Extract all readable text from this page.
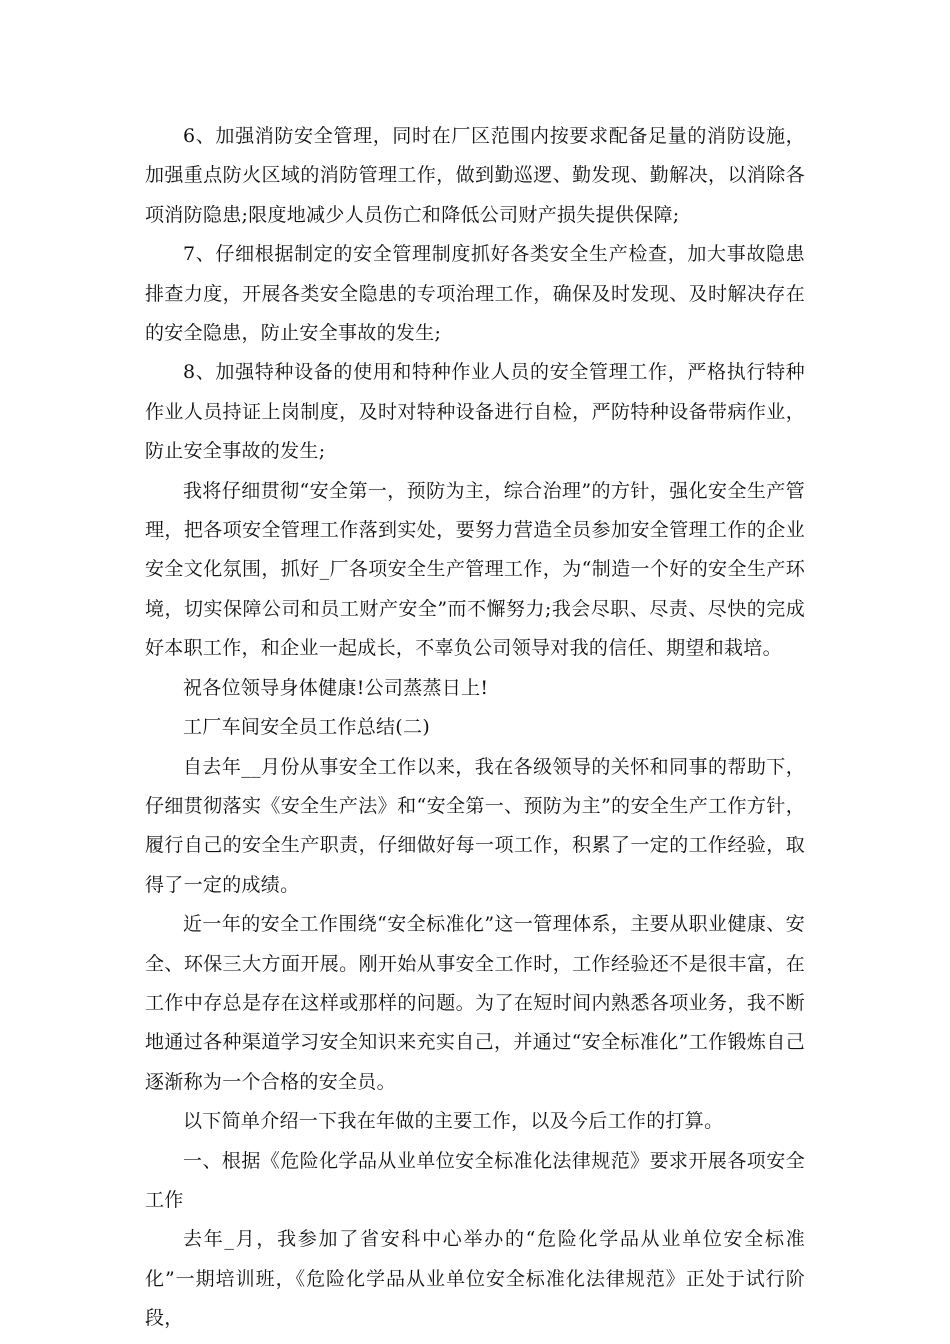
6、加强消防安全管理，同时在厂区范围内按要求配备足量的消防设施，加强重点防火区域的消防管理工作，做到勤巡逻、勤发现、勤解决，以消除各项消防隐患;限度地减少人员伤亡和降低公司财产损失提供保障;

7、仔细根据制定的安全管理制度抓好各类安全生产检查，加大事故隐患排查力度，开展各类安全隐患的专项治理工作，确保及时发现、及时解决存在的安全隐患，防止安全事故的发生;

8、加强特种设备的使用和特种作业人员的安全管理工作，严格执行特种作业人员持证上岗制度，及时对特种设备进行自检，严防特种设备带病作业，防止安全事故的发生;

我将仔细贯彻“安全第一，预防为主，综合治理”的方针，强化安全生产管理，把各项安全管理工作落到实处，要努力营造全员参加安全管理工作的企业安全文化氛围，抓好_厂各项安全生产管理工作，为“制造一个好的安全生产环境，切实保障公司和员工财产安全”而不懈努力;我会尽职、尽责、尽快的完成好本职工作，和企业一起成长，不辜负公司领导对我的信任、期望和栽培。

祝各位领导身体健康!公司蒸蒸日上!

工厂车间安全员工作总结(二)

自去年__月份从事安全工作以来，我在各级领导的关怀和同事的帮助下，仔细贯彻落实《安全生产法》和“安全第一、预防为主”的安全生产工作方针，履行自己的安全生产职责，仔细做好每一项工作，积累了一定的工作经验，取得了一定的成绩。

近一年的安全工作围绕“安全标准化”这一管理体系，主要从职业健康、安全、环保三大方面开展。刚开始从事安全工作时，工作经验还不是很丰富，在工作中存总是存在这样或那样的问题。为了在短时间内熟悉各项业务，我不断地通过各种渠道学习安全知识来充实自己，并通过“安全标准化”工作锻炼自己逐渐称为一个合格的安全员。

以下简单介绍一下我在年做的主要工作，以及今后工作的打算。

一、根据《危险化学品从业单位安全标准化法律规范》要求开展各项安全工作

去年_月，我参加了省安科中心举办的“危险化学品从业单位安全标准化”一期培训班，《危险化学品从业单位安全标准化法律规范》正处于试行阶段，
